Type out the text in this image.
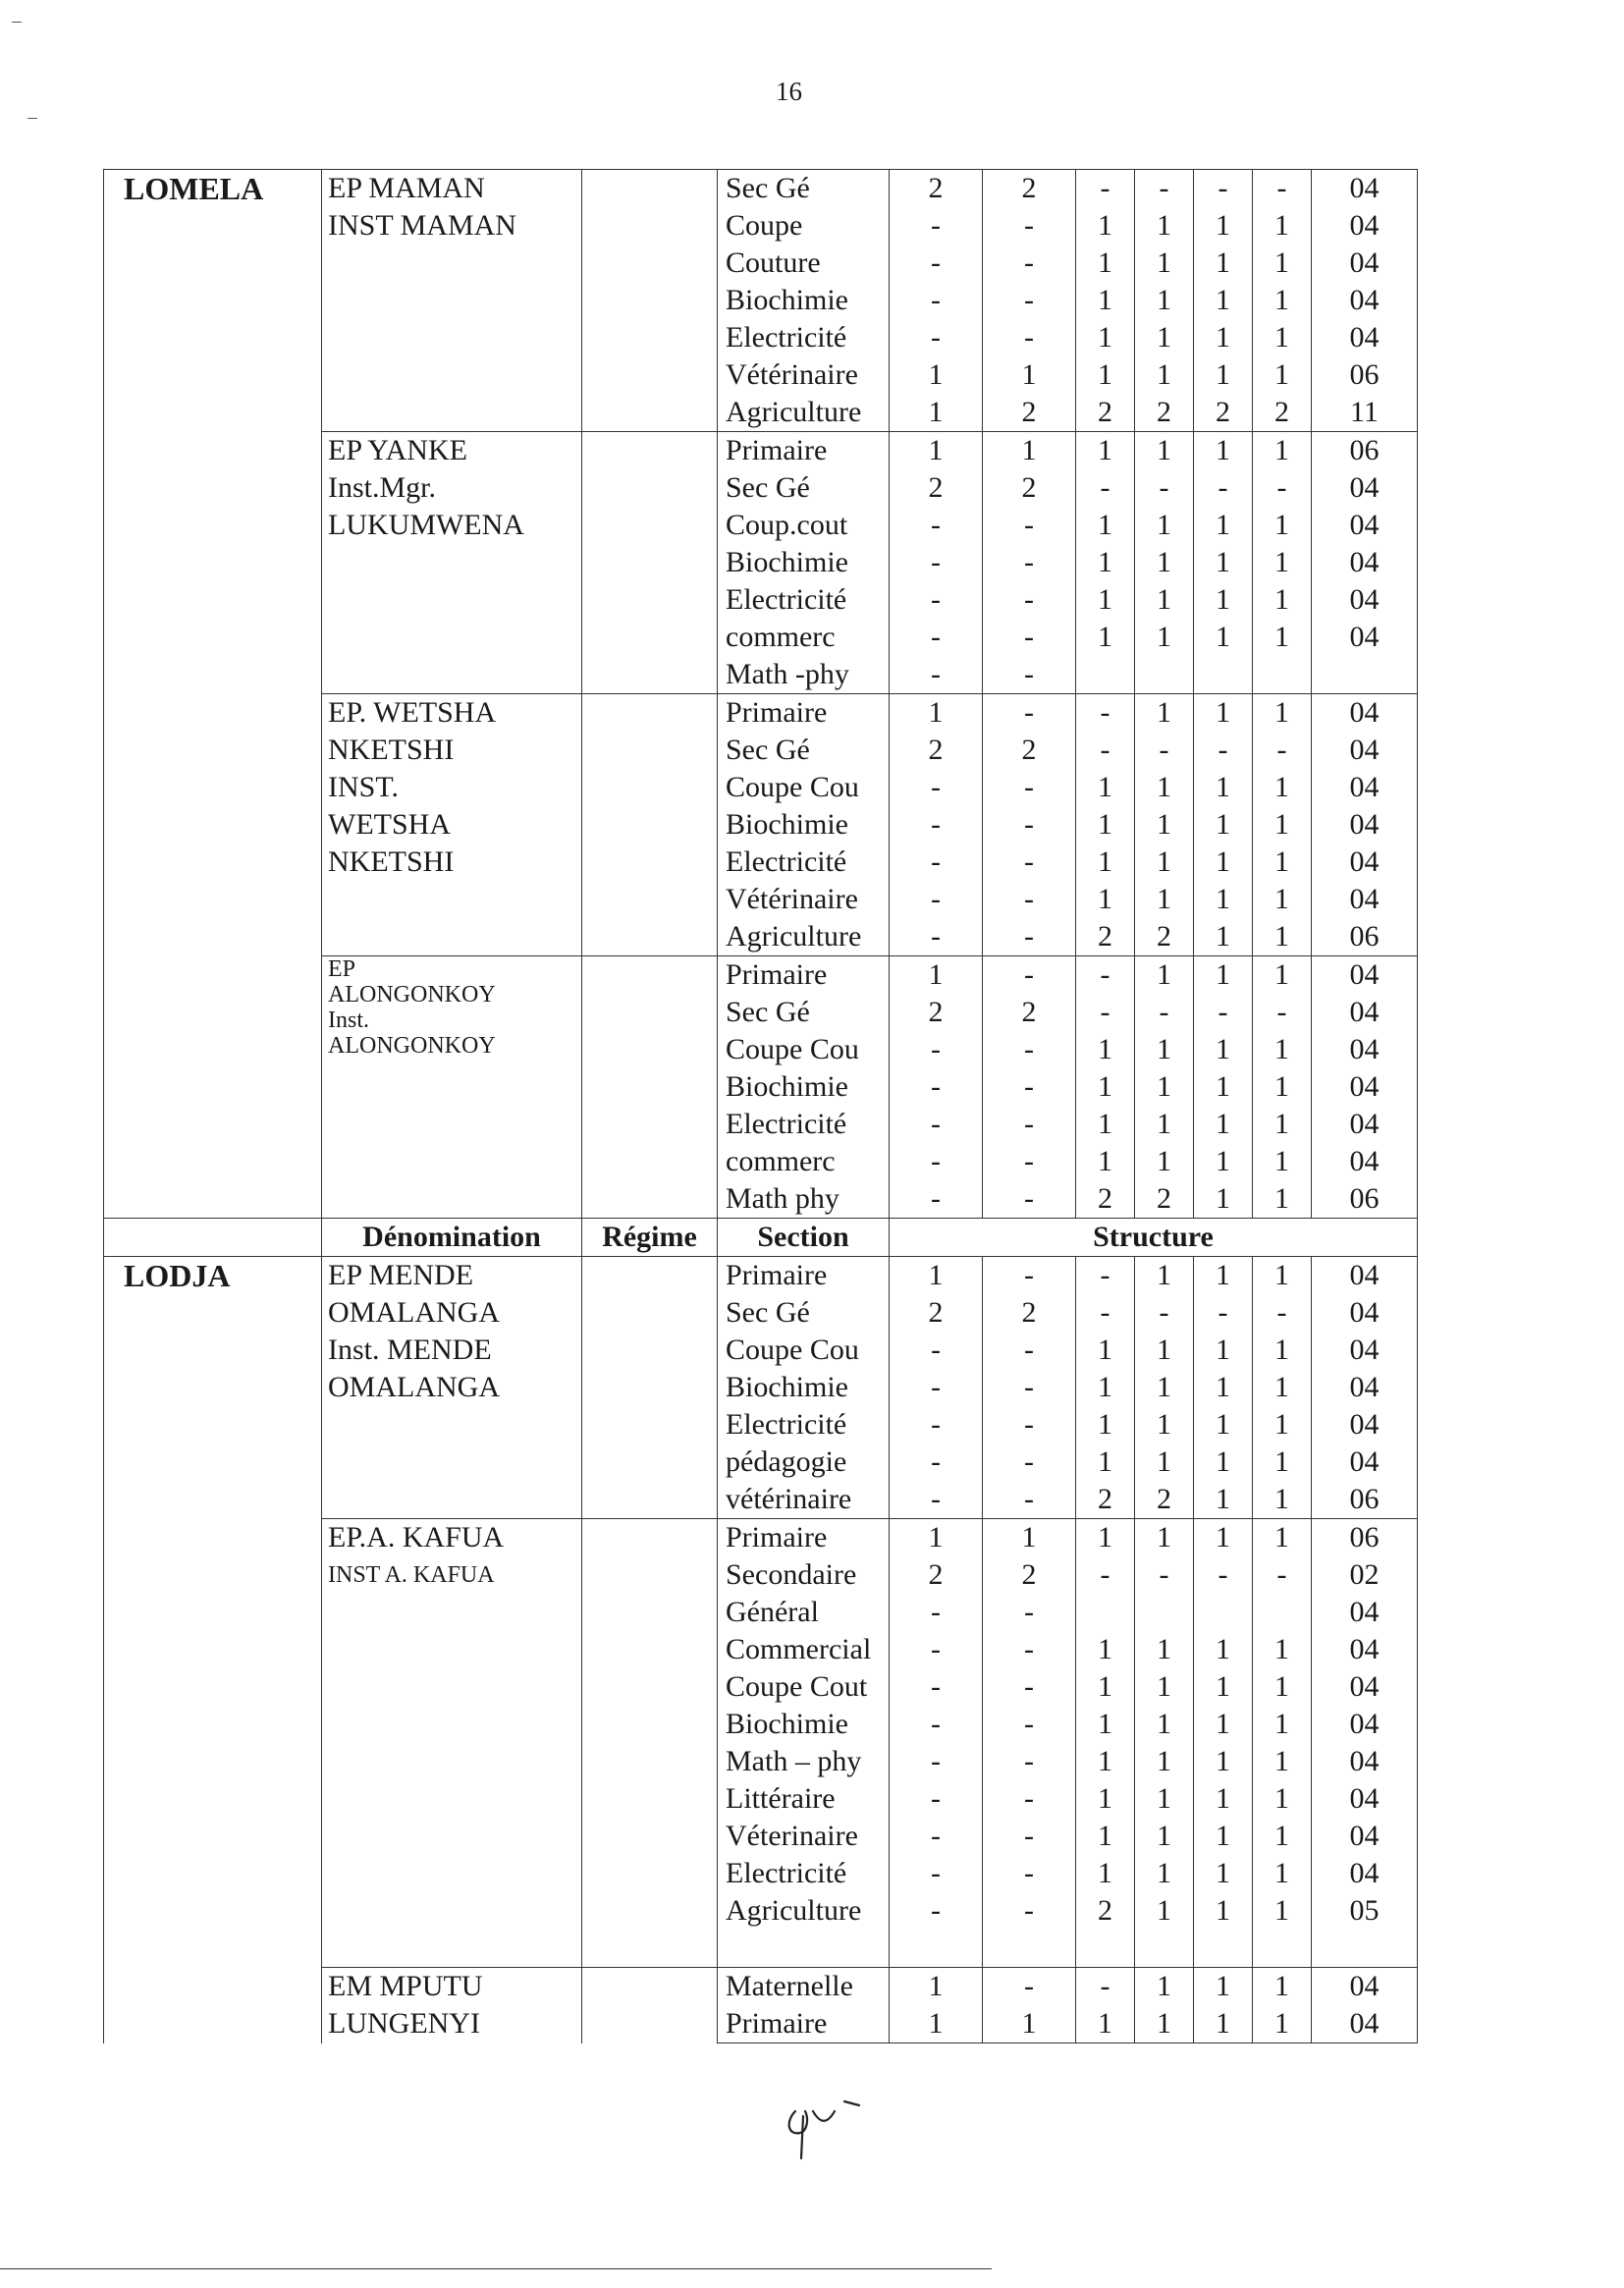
16
LOMELA	EP MAMAN
INST MAMAN		Sec Gé	2	2	-	-	-	-	04
			Coupe	-	-	1	1	1	1	04
			Couture	-	-	1	1	1	1	04
			Biochimie	-	-	1	1	1	1	04
			Electricité	-	-	1	1	1	1	04
			Vétérinaire	1	1	1	1	1	1	06
			Agriculture	1	2	2	2	2	2	11

	EP YANKE
Inst.Mgr.
LUKUMWENA		Primaire	1	1	1	1	1	1	06
			Sec Gé	2	2	-	-	-	-	04
			Coup.cout	-	-	1	1	1	1	04
			Biochimie	-	-	1	1	1	1	04
			Electricité	-	-	1	1	1	1	04
			commerc	-	-	1	1	1	1	04
			Math -phy	-	-					

	EP. WETSHA
NKETSHI
INST.
WETSHA
NKETSHI		Primaire	1	-	-	1	1	1	04
			Sec Gé	2	2	-	-	-	-	04
			Coupe Cou	-	-	1	1	1	1	04
			Biochimie	-	-	1	1	1	1	04
			Electricité	-	-	1	1	1	1	04
			Vétérinaire	-	-	1	1	1	1	04
			Agriculture	-	-	2	2	1	1	06

	EP
ALONGONKOY
Inst.
ALONGONKOY		Primaire	1	-	-	1	1	1	04
			Sec Gé	2	2	-	-	-	-	04
			Coupe Cou	-	-	1	1	1	1	04
			Biochimie	-	-	1	1	1	1	04
			Electricité	-	-	1	1	1	1	04
			commerc	-	-	1	1	1	1	04
			Math phy	-	-	2	2	1	1	06
	Dénomination	Régime	Section	Structure						
LODJA	EP MENDE
OMALANGA
Inst. MENDE
OMALANGA		Primaire	1	-	-	1	1	1	04
			Sec Gé	2	2	-	-	-	-	04
			Coupe Cou	-	-	1	1	1	1	04
			Biochimie	-	-	1	1	1	1	04
			Electricité	-	-	1	1	1	1	04
			pédagogie	-	-	1	1	1	1	04
			vétérinaire	-	-	2	2	1	1	06

	EP.A. KAFUA
INST A. KAFUA		Primaire	1	1	1	1	1	1	06
			Secondaire	2	2	-	-	-	-	02
			Général	-	-					04
			Commercial	-	-	1	1	1	1	04
			Coupe Cout	-	-	1	1	1	1	04
			Biochimie	-	-	1	1	1	1	04
			Math – phy	-	-	1	1	1	1	04
			Littéraire	-	-	1	1	1	1	04
			Véterinaire	-	-	1	1	1	1	04
			Electricité	-	-	1	1	1	1	04
			Agriculture	-	-	2	1	1	1	05

	EM MPUTU
LUNGENYI		Maternelle	1	-	-	1	1	1	04
			Primaire	1	1	1	1	1	1	04
